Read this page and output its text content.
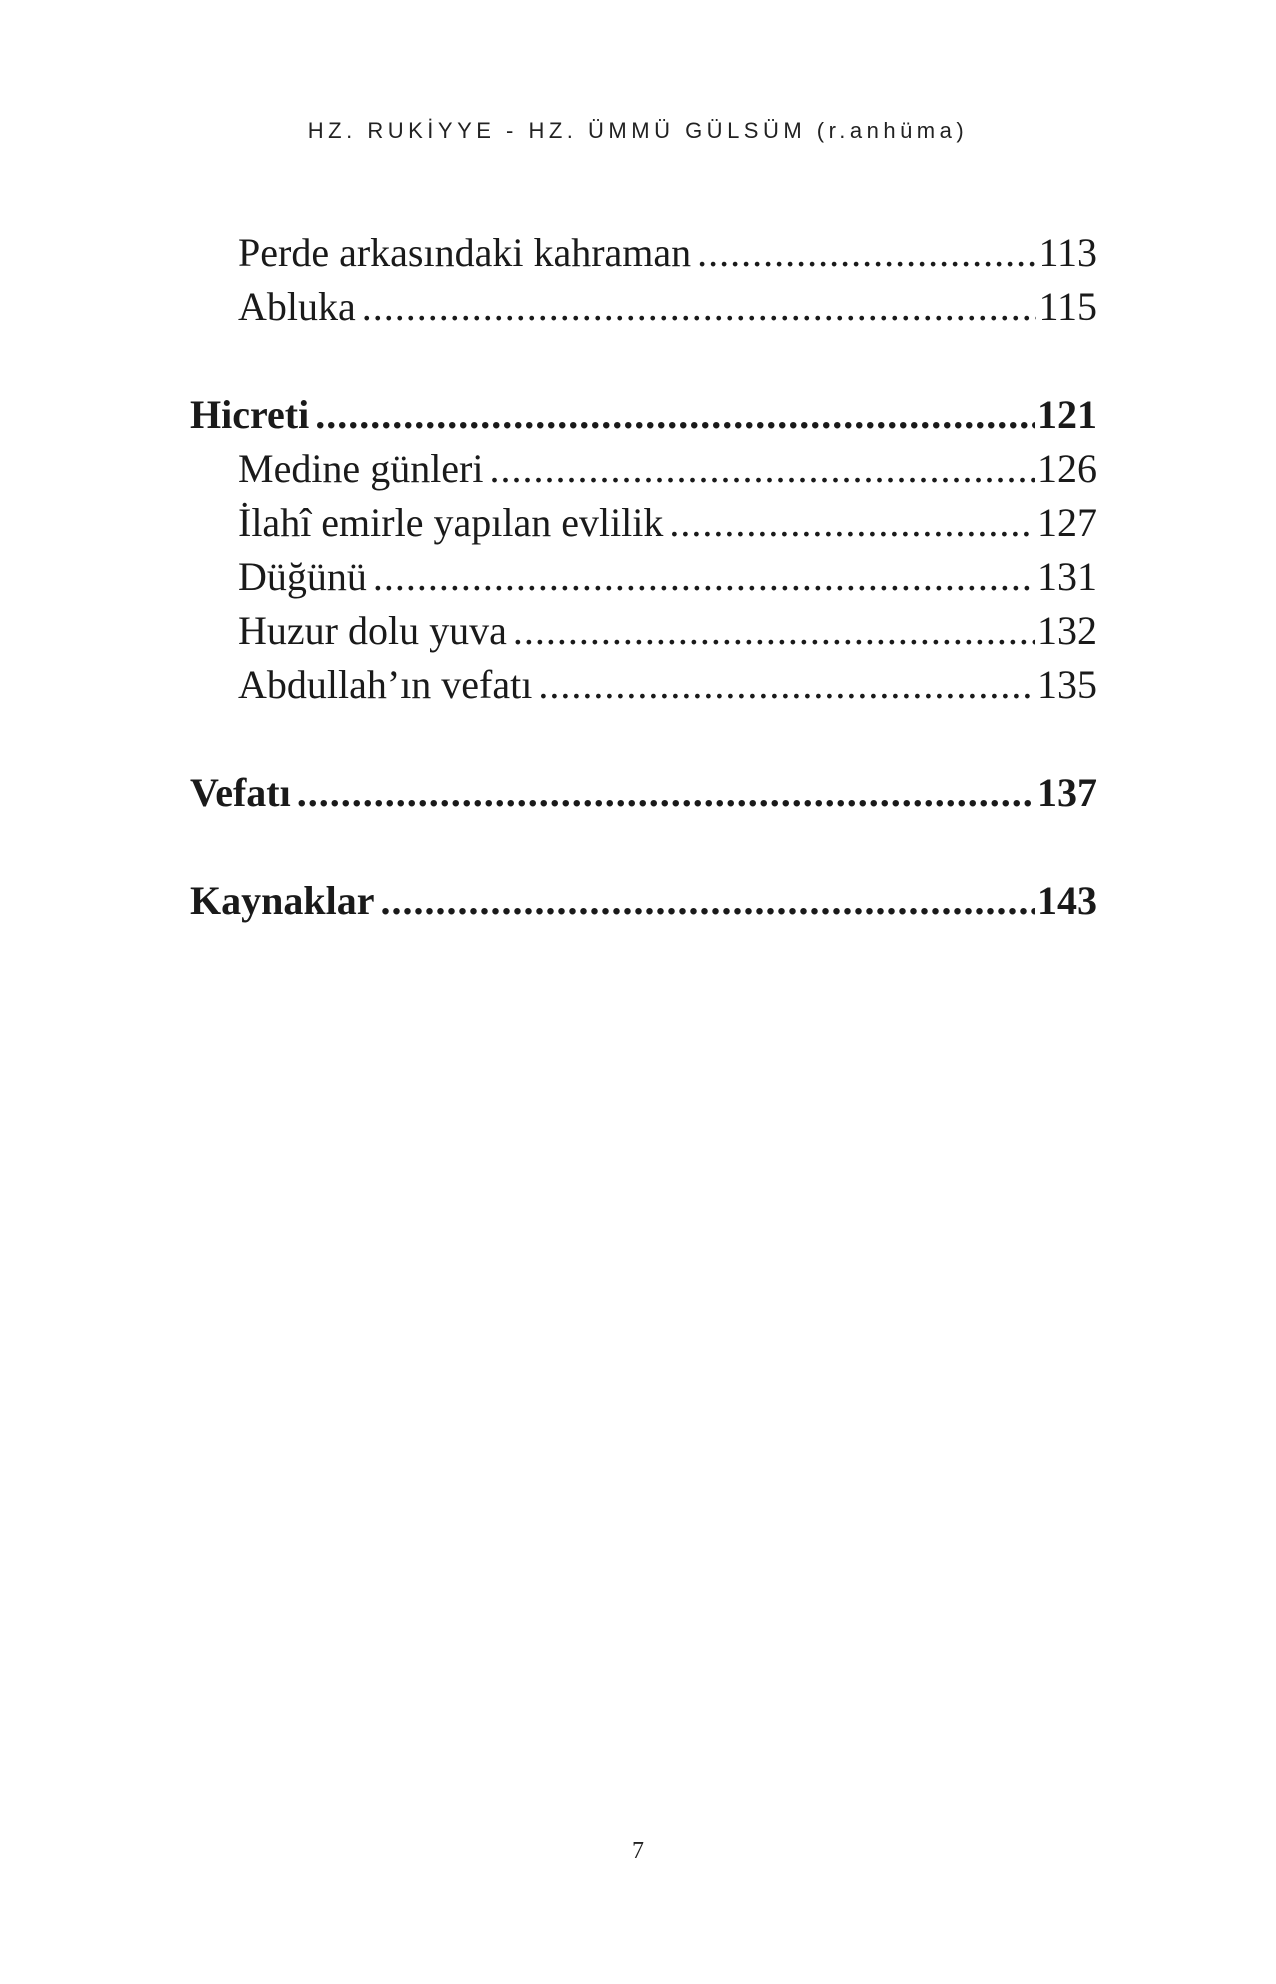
HZ. RUKİYYE - HZ. ÜMMÜ GÜLSÜM (r.anhüma)
Perde arkasındaki kahraman .....	113
Abluka .....	115
Hicreti .....	121
Medine günleri .....	126
İlahî emirle yapılan evlilik .....	127
Düğünü .....	131
Huzur dolu yuva .....	132
Abdullah’ın vefatı .....	135
Vefatı .....	137
Kaynaklar .....	143
7
